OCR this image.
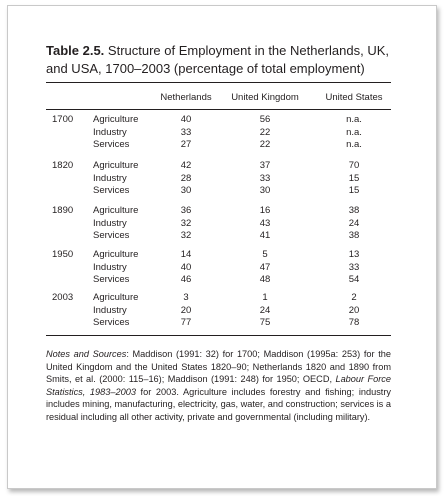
Table 2.5. Structure of Employment in the Netherlands, UK, and USA, 1700–2003 (percentage of total employment)
Netherlands	United Kingdom	United States
1700 Agriculture	40	56	n.a.
Industry	33	22	n.a.
Services	27	22	n.a.
1820 Agriculture	42	37	70
Industry	28	33	15
Services	30	30	15
1890 Agriculture	36	16	38
Industry	32	43	24
Services	32	41	38
1950 Agriculture	14	5	13
Industry	40	47	33
Services	46	48	54
2003 Agriculture	3	1	2
Industry	20	24	20
Services	77	75	78
Notes and Sources: Maddison (1991: 32) for 1700; Maddison (1995a: 253) for the United Kingdom and the United States 1820–90; Netherlands 1820 and 1890 from Smits, et al. (2000: 115–16); Maddison (1991: 248) for 1950; OECD, Labour Force Statistics, 1983–2003 for 2003. Agriculture includes forestry and fishing; industry includes mining, manufacturing, electricity, gas, water, and construction; services is a residual including all other activity, private and governmental (including military).
